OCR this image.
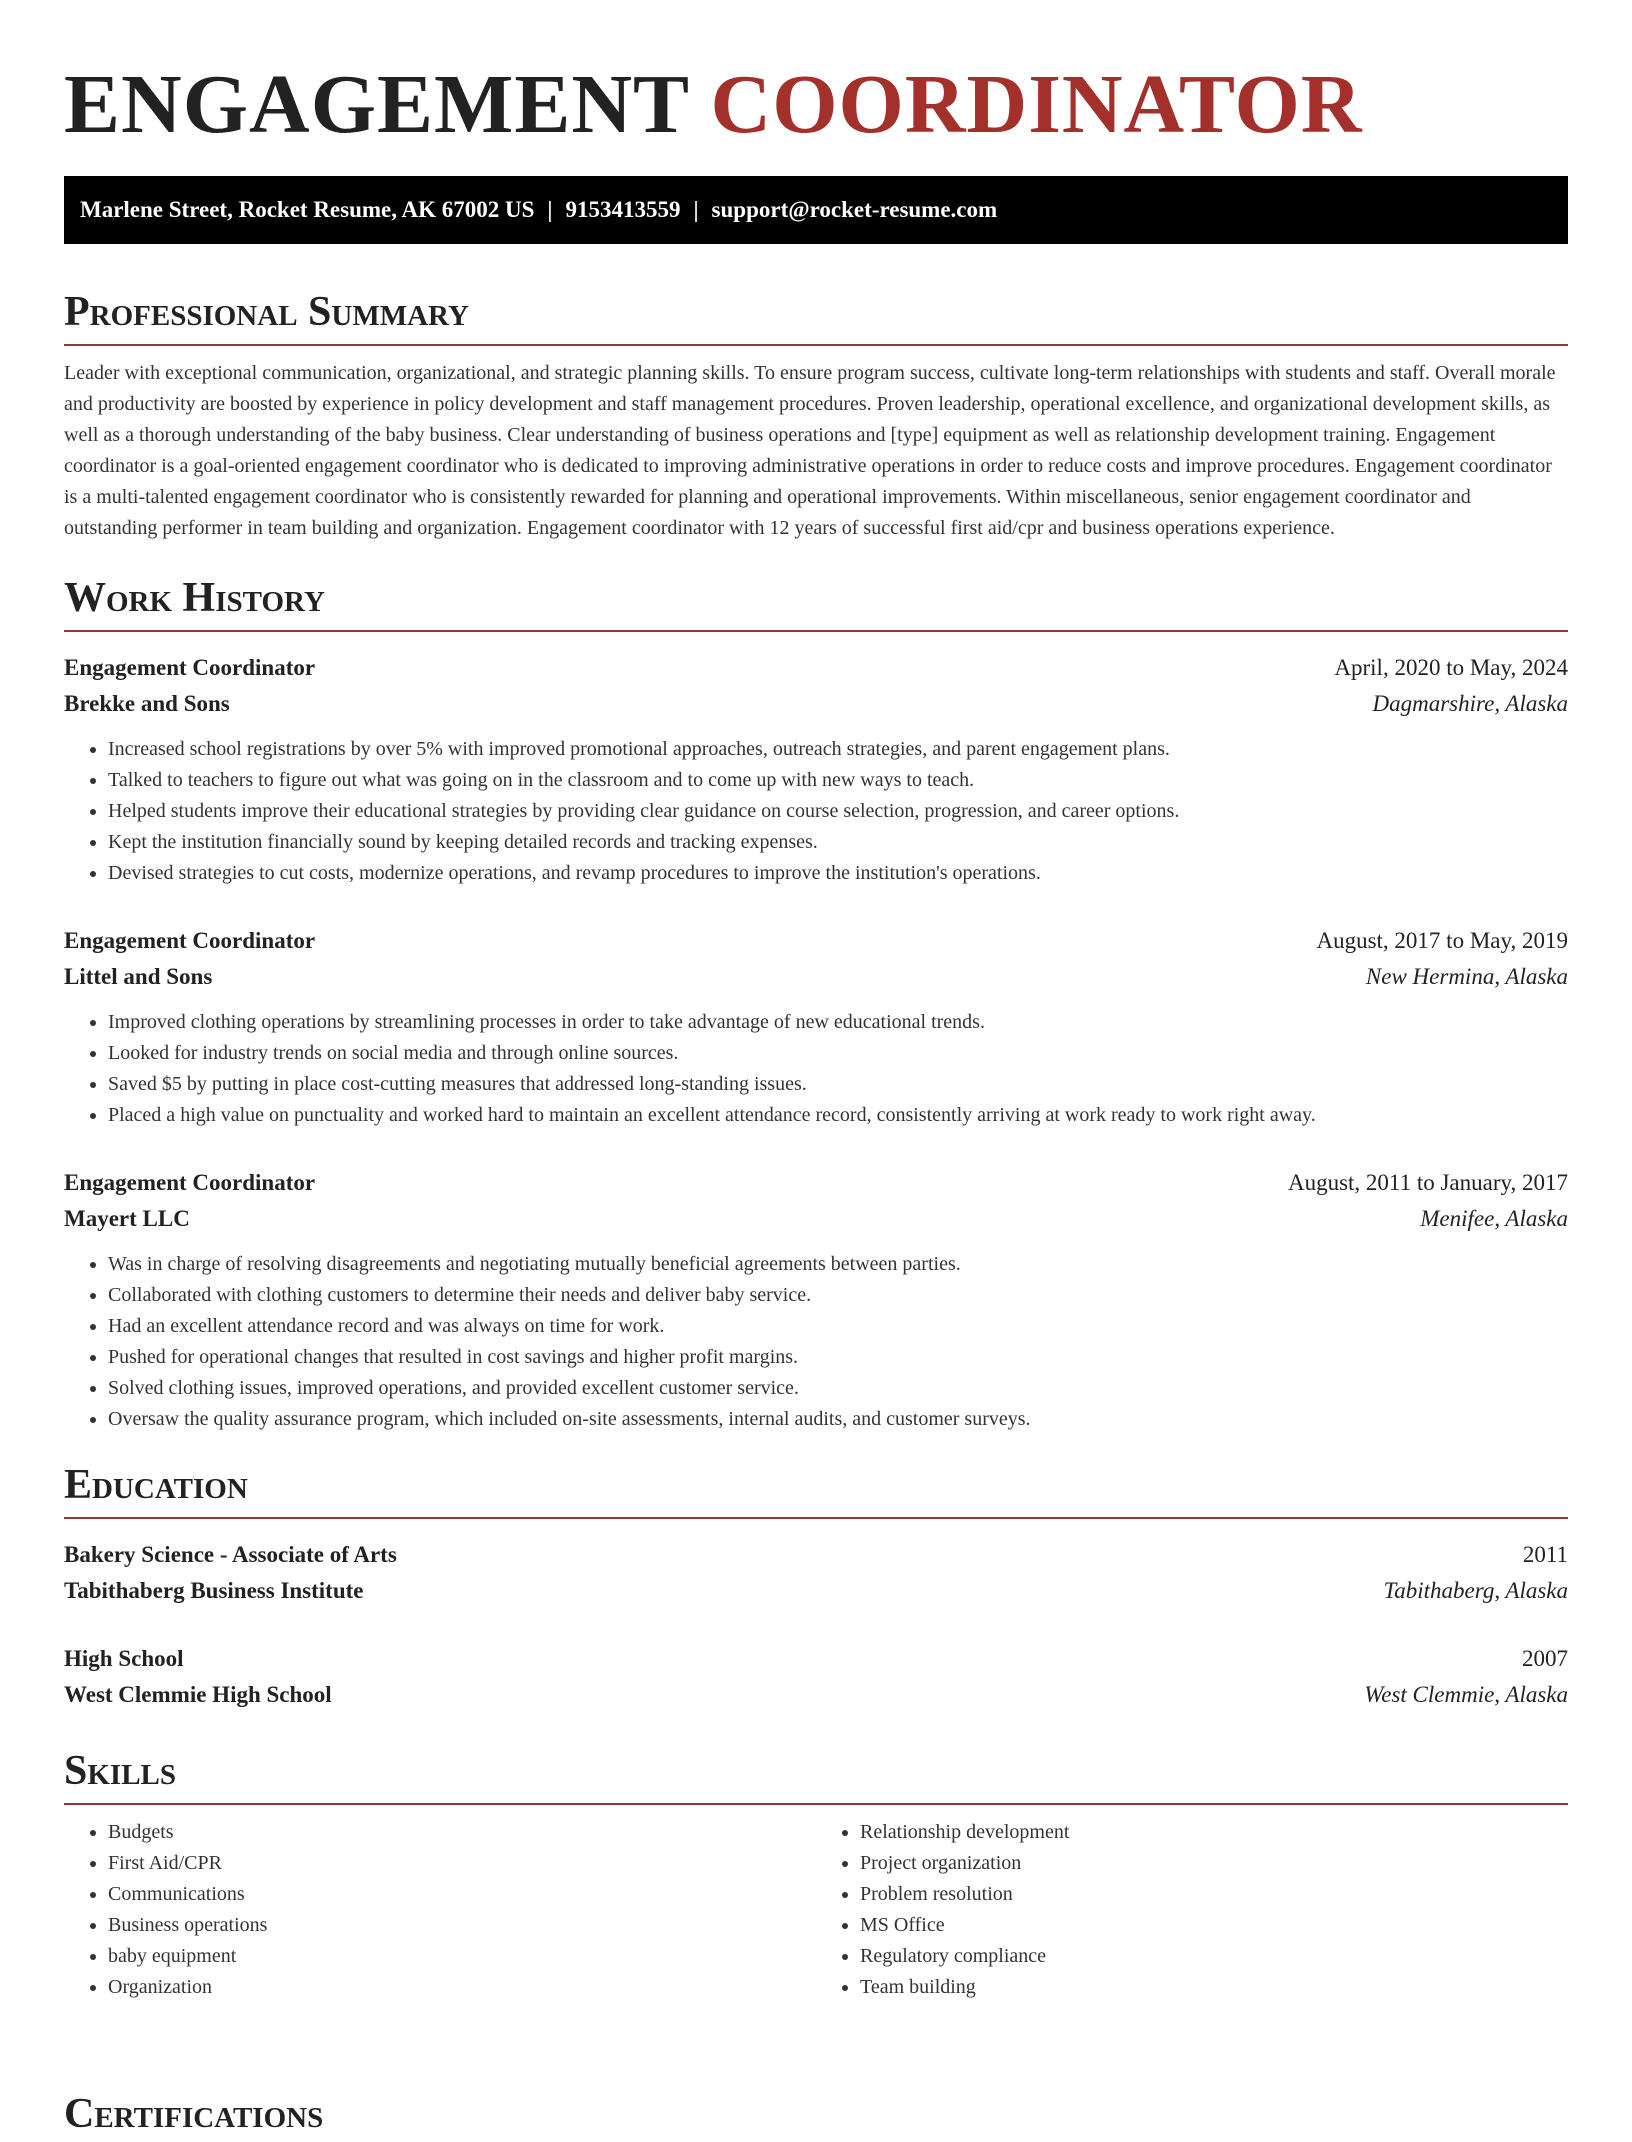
ENGAGEMENT COORDINATOR
Marlene Street, Rocket Resume, AK 67002 US | 9153413559 | support@rocket-resume.com
Professional Summary

Leader with exceptional communication, organizational, and strategic planning skills. To ensure program success, cultivate long-term relationships with students and staff. Overall morale and productivity are boosted by experience in policy development and staff management procedures. Proven leadership, operational excellence, and organizational development skills, as well as a thorough understanding of the baby business. Clear understanding of business operations and [type] equipment as well as relationship development training. Engagement coordinator is a goal-oriented engagement coordinator who is dedicated to improving administrative operations in order to reduce costs and improve procedures. Engagement coordinator is a multi-talented engagement coordinator who is consistently rewarded for planning and operational improvements. Within miscellaneous, senior engagement coordinator and outstanding performer in team building and organization. Engagement coordinator with 12 years of successful first aid/cpr and business operations experience.

Work History
Engagement Coordinator	April, 2020 to May, 2024
Brekke and Sons	Dagmarshire, Alaska
• Increased school registrations by over 5% with improved promotional approaches, outreach strategies, and parent engagement plans.
• Talked to teachers to figure out what was going on in the classroom and to come up with new ways to teach.
• Helped students improve their educational strategies by providing clear guidance on course selection, progression, and career options.
• Kept the institution financially sound by keeping detailed records and tracking expenses.
• Devised strategies to cut costs, modernize operations, and revamp procedures to improve the institution's operations.
Engagement Coordinator	August, 2017 to May, 2019
Littel and Sons	New Hermina, Alaska
• Improved clothing operations by streamlining processes in order to take advantage of new educational trends.
• Looked for industry trends on social media and through online sources.
• Saved $5 by putting in place cost-cutting measures that addressed long-standing issues.
• Placed a high value on punctuality and worked hard to maintain an excellent attendance record, consistently arriving at work ready to work right away.
Engagement Coordinator	August, 2011 to January, 2017
Mayert LLC	Menifee, Alaska
• Was in charge of resolving disagreements and negotiating mutually beneficial agreements between parties.
• Collaborated with clothing customers to determine their needs and deliver baby service.
• Had an excellent attendance record and was always on time for work.
• Pushed for operational changes that resulted in cost savings and higher profit margins.
• Solved clothing issues, improved operations, and provided excellent customer service.
• Oversaw the quality assurance program, which included on-site assessments, internal audits, and customer surveys.
Education
Bakery Science - Associate of Arts	2011
Tabithaberg Business Institute	Tabithaberg, Alaska
High School	2007
West Clemmie High School	West Clemmie, Alaska
Skills
• Budgets
• First Aid/CPR
• Communications
• Business operations
• baby equipment
• Organization
• Relationship development
• Project organization
• Problem resolution
• MS Office
• Regulatory compliance
• Team building
Certifications
